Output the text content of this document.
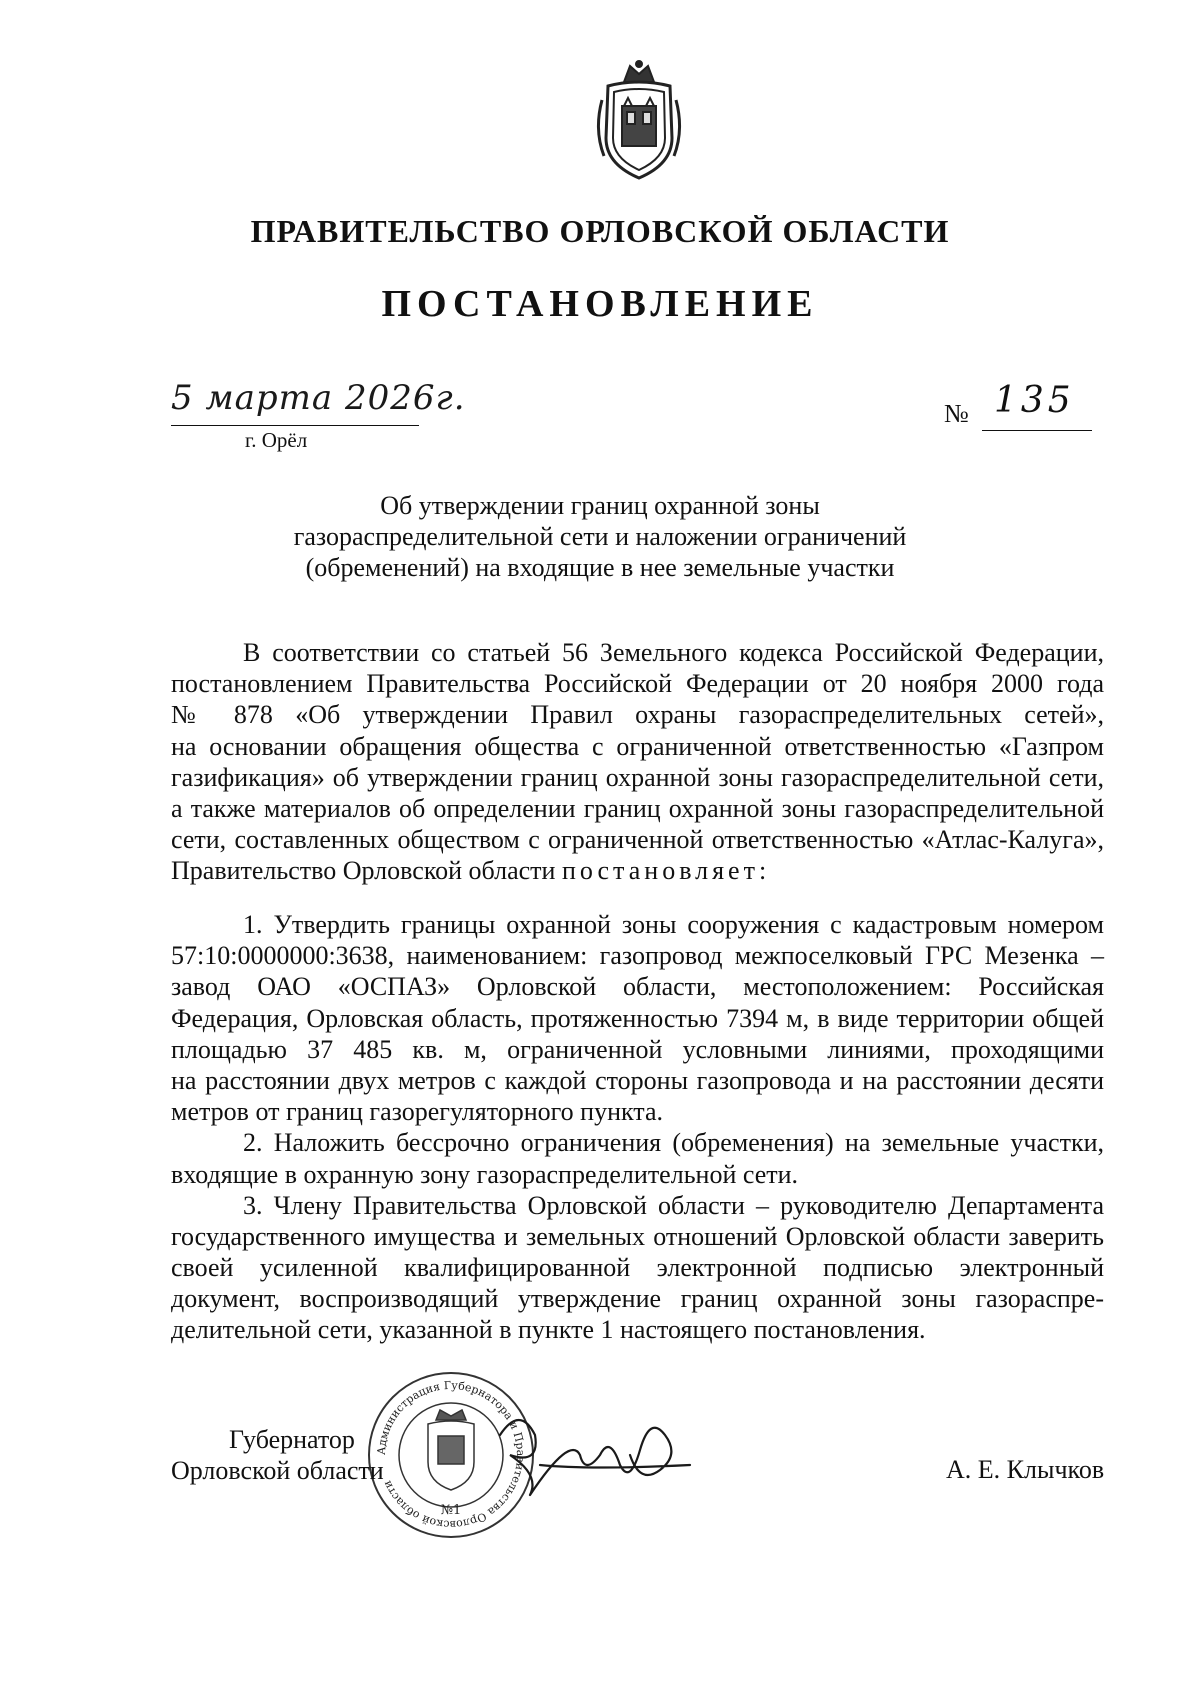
ПРАВИТЕЛЬСТВО ОРЛОВСКОЙ ОБЛАСТИ
ПОСТАНОВЛЕНИЕ
5 марта 2026г.
г. Орёл
№ 135
Об утверждении границ охранной зоны
газораспределительной сети и наложении ограничений
(обременений) на входящие в нее земельные участки
В соответствии со статьей 56 Земельного кодекса Российской Федерации,
постановлением Правительства Российской Федерации от 20 ноября 2000 года
№ 878 «Об утверждении Правил охраны газораспределительных сетей»,
на основании обращения общества с ограниченной ответственностью «Газпром
газификация» об утверждении границ охранной зоны газораспределительной сети,
а также материалов об определении границ охранной зоны газораспределительной
сети, составленных обществом с ограниченной ответственностью «Атлас-Калуга»,
Правительство Орловской области постановляет:
1. Утвердить границы охранной зоны сооружения с кадастровым номером
57:10:0000000:3638, наименованием: газопровод межпоселковый ГРС Мезенка –
завод ОАО «ОСПАЗ» Орловской области, местоположением: Российская
Федерация, Орловская область, протяженностью 7394 м, в виде территории общей
площадью 37 485 кв. м, ограниченной условными линиями, проходящими
на расстоянии двух метров с каждой стороны газопровода и на расстоянии десяти
метров от границ газорегуляторного пункта.
2. Наложить бессрочно ограничения (обременения) на земельные участки,
входящие в охранную зону газораспределительной сети.
3. Члену Правительства Орловской области – руководителю Департамента
государственного имущества и земельных отношений Орловской области заверить
своей усиленной квалифицированной электронной подписью электронный
документ, воспроизводящий утверждение границ охранной зоны газораспре-
делительной сети, указанной в пункте 1 настоящего постановления.
Администрация Губернатора и Правительства Орловской области
№1
Губернатор
Орловской области	А. Е. Клычков
